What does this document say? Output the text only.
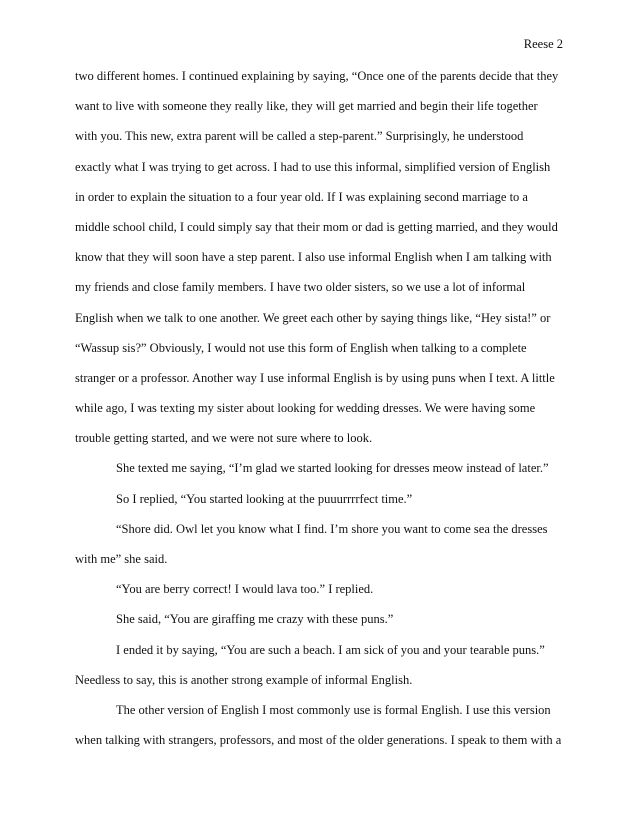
Reese 2
two different homes. I continued explaining by saying, “Once one of the parents decide that they
want to live with someone they really like, they will get married and begin their life together
with you. This new, extra parent will be called a step-parent.” Surprisingly, he understood
exactly what I was trying to get across. I had to use this informal, simplified version of English
in order to explain the situation to a four year old. If I was explaining second marriage to a
middle school child, I could simply say that their mom or dad is getting married, and they would
know that they will soon have a step parent. I also use informal English when I am talking with
my friends and close family members. I have two older sisters, so we use a lot of informal
English when we talk to one another. We greet each other by saying things like, “Hey sista!” or
“Wassup sis?” Obviously, I would not use this form of English when talking to a complete
stranger or a professor. Another way I use informal English is by using puns when I text. A little
while ago, I was texting my sister about looking for wedding dresses. We were having some
trouble getting started, and we were not sure where to look.
She texted me saying, “I’m glad we started looking for dresses meow instead of later.”
So I replied, “You started looking at the puuurrrrfect time.”
“Shore did. Owl let you know what I find. I’m shore you want to come sea the dresses
with me” she said.
“You are berry correct! I would lava too.” I replied.
She said, “You are giraffing me crazy with these puns.”
I ended it by saying, “You are such a beach. I am sick of you and your tearable puns.”
Needless to say, this is another strong example of informal English.
The other version of English I most commonly use is formal English. I use this version
when talking with strangers, professors, and most of the older generations. I speak to them with a
